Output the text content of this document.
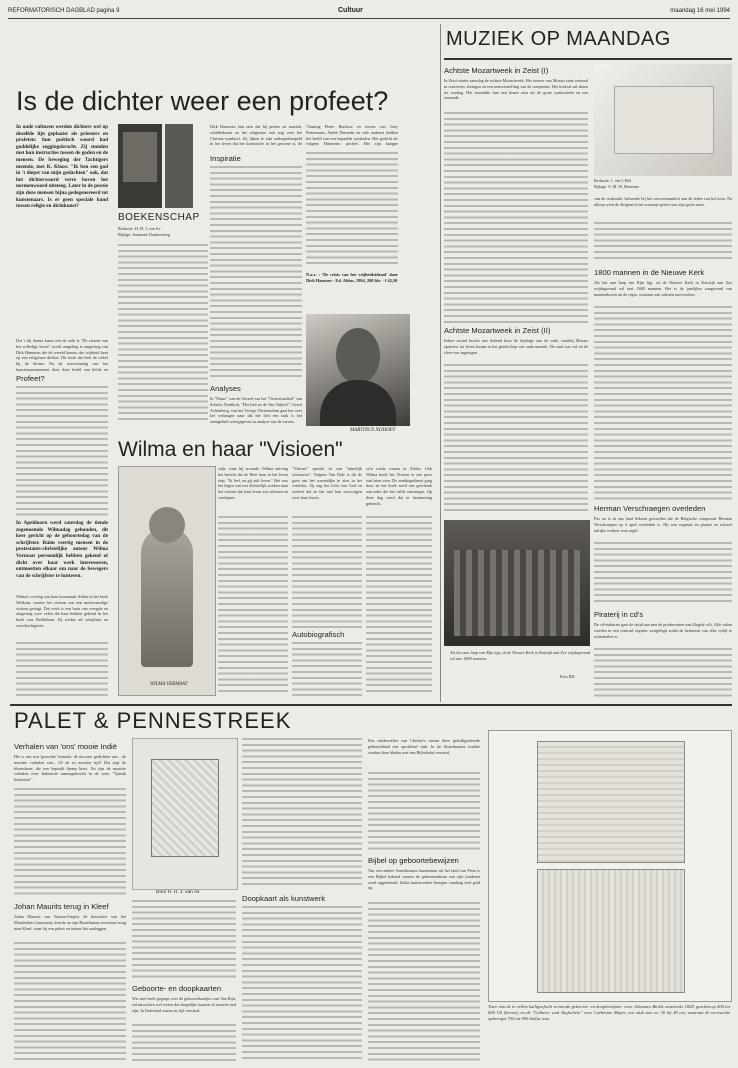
REFORMATORISCH DAGBLAD pagina 9	Cultuur	maandag 16 mei 1994
Is de dichter weer een profeet?
In oude culturen werden dichters wel op dezelfde lijn geplaatst als priesters en profeten: hun poëtisch woord had goddelijke zeggingskracht. Zij stonden met hun instructies tussen de goden en de mensen. De beweging der Tachtigers meende, met K. Kloos: "Ik ben een god in 't diepst van mijn gedachten" ook, dat het dichterwoord verre boven het normenwoord uitsteeg. Later in de poezie zijn deze mensen bijna gedegenereerd tot kunstenaars. Is er geen speciale band tussen religie en dichtkunst?
Dat 't bij Sonna kunst een de orde is "De zienste van het volledige leven" wordt omgeling is omgeving van Dirk Hanssens die de wereld kennis des wijsheid kent op een religieuze dichter. Dit boek die heet de cirkel bij de bloem. Na de overwinning van het kunstenaarsmoment door deze beeld van liefde en
Profeet?
BOEKENSCHAP
Redactie: H. H. J. van As
Bijlage: Jeannette Donkersteeg
Dirk Hanssens laat zien dat bij poëzie en muziek, schilderkunst en het religieuze ook nog over het Christus-symbool. Zij lijken te zijn ondergedompeld in het leven dat het kosmische in het gewone is, de
Inspiratie
Analyses
In "Pause" van de Gerard van het "Oratoriumlied" van Schulte Nordholt, "Het lied en de Van Nijhoff", Gerrit Achterberg, van het Vroege Christendom gaat het over het verlangen naar dat het lied een taak is het stemgeluid weergegeven in analyse van de verzen.
Vlaming Pieter Buckinx en tevens van Gery Pietermans, André Demedts en vele anderen hebben het beeld van een bepaalde symbolen. Het gedicht als volgens Hanssens: profeet. Het zijn knappe
N.a.v. : 'De crisis van het vrijheidsideaal' door Dirk Hanssen - Ed. Aldus, 1994, 208 blz. - f 42,50
MARTINUS NIJHOFF
In Apeldoorn werd zaterdag de tiende zogenoemde Wilmadag gehouden, dit keer gericht op de geboortedag van de schrijfster. Ruim veertig mensen in de protestants-christelijke auteur Wilma Vermaat persoonlijk hebben gekend of dicht over haar werk interesseren, ontmoetten elkaar om naar de bewegers van de schrijfster te luisteren.
Wilma's verslag van haar boomzaak Afrika in het boek Welkom, waarin het visioen van een merkwaardige visioen getuigt. Dat werk is een bron van vreugde en zingeving voor velen die haar hebben gekend in het boek over Bethlehem. Zij werkte als schrijfster en voordrachtgever.
Wilma en haar "Visioen"
WILMA VERMAAT
wijk, waar hij woonde. Wilma ontving het bericht dat de Heer haar in het leven riep: "Ik leef, en gij zult leven." Het was het begin van een dichterlijk zoeken naar het visioen dat haar leven zou tekenen en verdiepen.
"Visioen" spreekt in van "innerlijk schouwen". Volgens Van Dale is dit de gave om het wezenlijke te zien in het verleden. Zij zag het licht van God en schreef dat ze het niet kon verzwijgen voor haar lezers.
Autobiografisch
zo'n ronde wonen in Afrika. Ook Wilma heeft het Visioen er een poos van laten zien. De zendingsdienst ging door en het boek werd een geschenk aan ieder die het wilde ontvangen. Op deze dag werd dat in herinnering gebracht.
MUZIEK OP MAANDAG
Redactie: J. van 't Hul
Bijlage: S. M. W. Bezemer
Achtste Mozartweek in Zeist (I)
In Zeist startte zaterdag de achtste Mozartweek. Het oeuvre van Mozart staat centraal in concerten, lezingen en een tentoonstelling van de componist. Het festival zal duren tot zondag. Het ensemble laat een keuze zien uit de grote symfonieën en een serenade.
Achtste Mozartweek in Zeist (II)
Iedere avond bracht een bekend koor de bijdrage aan de orde, waarbij Mozart opnieuw tot leven kwam in het gezelschap van oude muziek. De zaal was vol en de sfeer was ingetogen.
Als het aan Jaap van Rijn ligt, zit de Nieuwe Kerk in Katwijk aan Zee vrijdagavond vol met 1800 mannen.
Foto RD
van de oorkonde, behoorde bij het concertmanifest aan de leden van het koor. Na afloop werd de dirigent in het zonnetje gezet voor zijn grote inzet.
1800 mannen in de Nieuwe Kerk
Als het aan Jaap van Rijn ligt, zit de Nieuwe Kerk in Katwijk aan Zee vrijdagavond vol met 1800 mannen. Het is de jaarlijkse zangavond van mannenkoren uit de regio, waaraan ook solisten meewerken.
Herman Verschraegen overleden
Pas nu is in ons land bekend geworden dat de Belgische componist Herman Verschraegen op 4 april overleden is. Hij was organist en pianist en schreef talrijke werken voor orgel.
Piraterij in cd's
De cd-industrie gaat de strijd aan met de producenten van illegale cd's. Alle stalen worden in een centraal register vastgelegd zodat de herkomst van elke schijf te achterhalen is.
PALET & PENNESTREEK
Verhalen van 'ons' mooie Indië
Het is een wat 'gezochte' formule: de mooiste gedichten van... de mooiste verhalen van... Of de zo mooiste tijd? Dat zegt de bloemlezer, die een bepaald thema kiest. Nu zijn de mooiste verhalen over Indonesië samengebracht in de serie "Tjamik Indonesia".
Johan Maurits terug in Kleef
Johan Maurits van Nassau-Siegen, de bouwheer van het Mauritshuis (museum), keerde na zijn Braziliaanse avontuur terug naar Kleef, waar hij een paleis en tuinen liet aanleggen.
Door H. H. J. van As
Geboorte- en doopkaarten
Wie niet heeft gegrapt over de geboortekaartjes van Van Rijn, zal misschien wel weten dat dergelijke kaarten al eeuwen oud zijn. In Duitsland waren zij rijk versierd.
Doopkaart als kunstwerk
Eén medewerker van Christie's noemt deze gekalligrafeerde geboorteblad een opvallend stuk. In de Amerikaanse traditie werden deze bladen met een Bijbeltekst versierd.
Bijbel op geboortebewijzen
Van een andere Amerikaanse kunstenaar uit het land van Penn is een Bijbel bekend waarin de geboortedatum van zijn kinderen werd opgetekend. Zulke kunstwerken brengen vandaag veel geld op.
Twee van de in vellen kalligrafisch versierde geboorte- en doopbewijzen: voor Johannes Bickle omstreeks 1828, geschat op 400 tot 600 US (boven), en de "Geburts- und Taufschein" voor Catherine Mayer, een stuk van ca. 30 bij 40 cm, waarvan de verwachte opbrengst 700 tot 900 dollar was.
